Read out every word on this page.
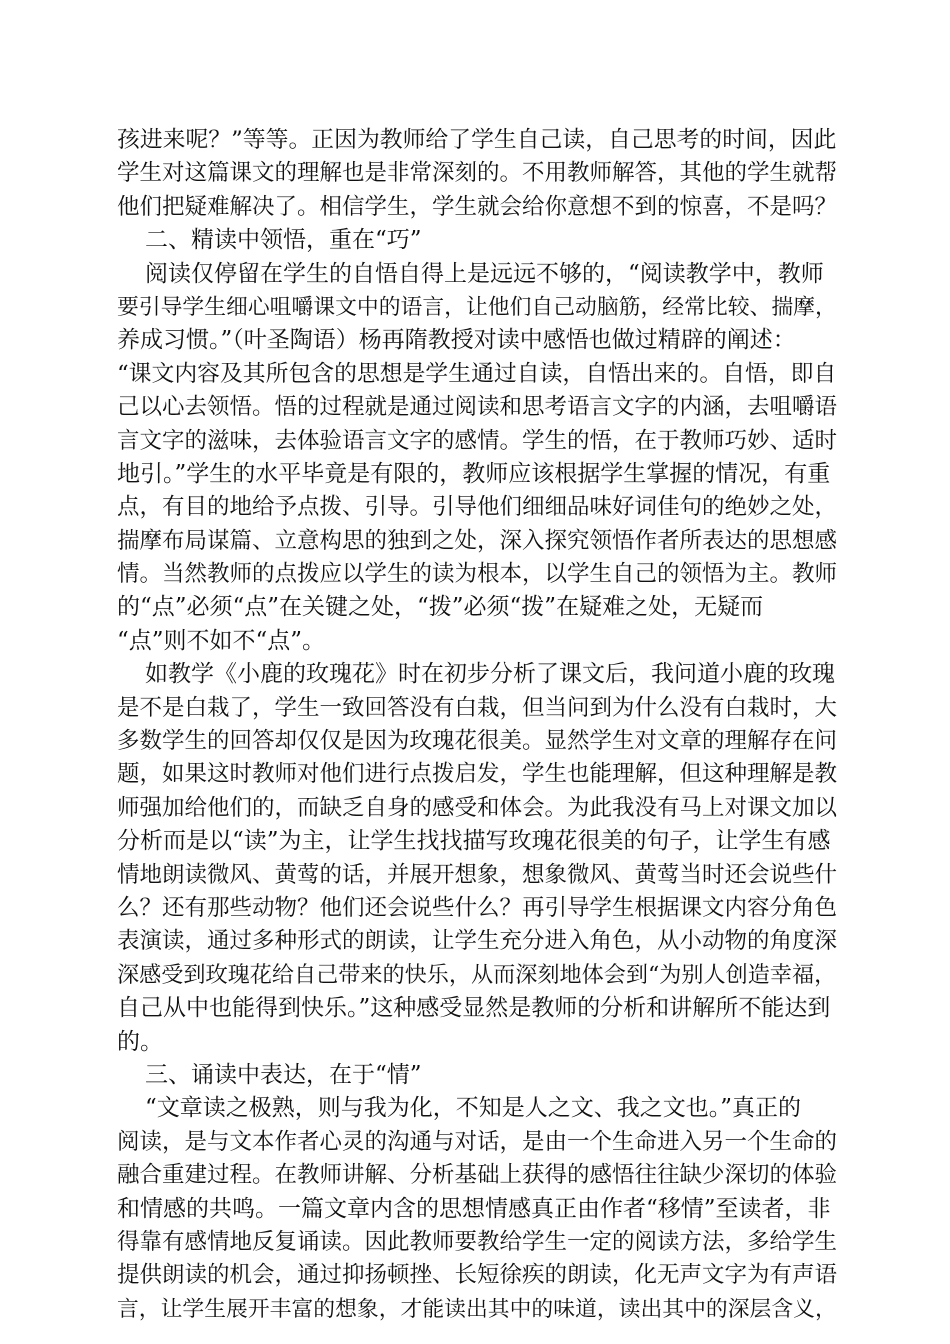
孩进来呢？”等等。正因为教师给了学生自己读，自己思考的时间，因此
学生对这篇课文的理解也是非常深刻的。不用教师解答，其他的学生就帮
他们把疑难解决了。相信学生，学生就会给你意想不到的惊喜，不是吗？
二、精读中领悟，重在“巧”
阅读仅停留在学生的自悟自得上是远远不够的，“阅读教学中，教师
要引导学生细心咀嚼课文中的语言，让他们自己动脑筋，经常比较、揣摩，
养成习惯。”（叶圣陶语）杨再隋教授对读中感悟也做过精辟的阐述：
“课文内容及其所包含的思想是学生通过自读，自悟出来的。自悟，即自
己以心去领悟。悟的过程就是通过阅读和思考语言文字的内涵，去咀嚼语
言文字的滋味，去体验语言文字的感情。学生的悟，在于教师巧妙、适时
地引。”学生的水平毕竟是有限的，教师应该根据学生掌握的情况，有重
点，有目的地给予点拨、引导。引导他们细细品味好词佳句的绝妙之处，
揣摩布局谋篇、立意构思的独到之处，深入探究领悟作者所表达的思想感
情。当然教师的点拨应以学生的读为根本，以学生自己的领悟为主。教师
的“点”必须“点”在关键之处，“拨”必须“拨”在疑难之处，无疑而
“点”则不如不“点”。
如教学《小鹿的玫瑰花》时在初步分析了课文后，我问道小鹿的玫瑰
是不是白栽了，学生一致回答没有白栽，但当问到为什么没有白栽时，大
多数学生的回答却仅仅是因为玫瑰花很美。显然学生对文章的理解存在问
题，如果这时教师对他们进行点拨启发，学生也能理解，但这种理解是教
师强加给他们的，而缺乏自身的感受和体会。为此我没有马上对课文加以
分析而是以“读”为主，让学生找找描写玫瑰花很美的句子，让学生有感
情地朗读微风、黄莺的话，并展开想象，想象微风、黄莺当时还会说些什
么？还有那些动物？他们还会说些什么？再引导学生根据课文内容分角色
表演读，通过多种形式的朗读，让学生充分进入角色，从小动物的角度深
深感受到玫瑰花给自己带来的快乐，从而深刻地体会到“为别人创造幸福，
自己从中也能得到快乐。”这种感受显然是教师的分析和讲解所不能达到
的。
三、诵读中表达，在于“情”
“文章读之极熟，则与我为化，不知是人之文、我之文也。”真正的
阅读，是与文本作者心灵的沟通与对话，是由一个生命进入另一个生命的
融合重建过程。在教师讲解、分析基础上获得的感悟往往缺少深切的体验
和情感的共鸣。一篇文章内含的思想情感真正由作者“移情”至读者，非
得靠有感情地反复诵读。因此教师要教给学生一定的阅读方法，多给学生
提供朗读的机会，通过抑扬顿挫、长短徐疾的朗读，化无声文字为有声语
言，让学生展开丰富的想象，才能读出其中的味道，读出其中的深层含义，
